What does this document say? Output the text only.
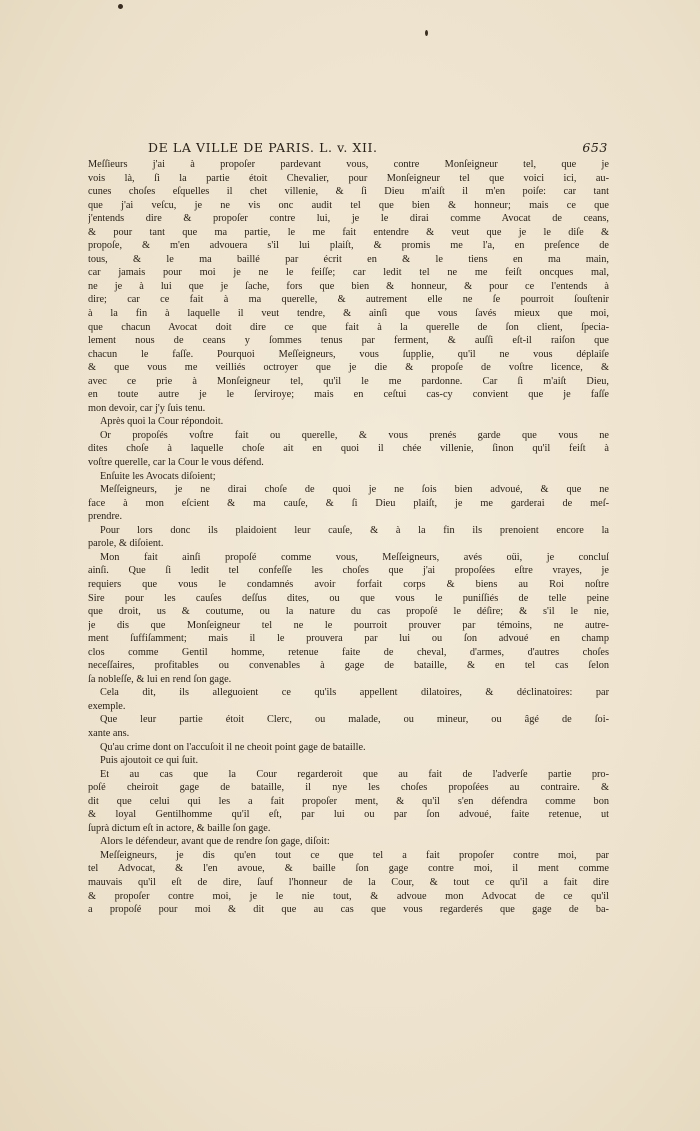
DE LA VILLE DE PARIS. L. v. XII.	653
Meſſieurs j'ai à propoſer pardevant vous, contre Monſeigneur tel, que je
vois là, ſi la partie étoit Chevalier, pour Monſeigneur tel que voici ici, au-
cunes choſes eſquelles il chet villenie, & ſi Dieu m'aiſt il m'en poiſe: car tant
que j'ai veſcu, je ne vis onc audit tel que bien & honneur; mais ce que
j'entends dire & propoſer contre lui, je le dirai comme Avocat de ceans,
& pour tant que ma partie, le me fait entendre & veut que je le diſe &
propoſe, & m'en advouera s'il lui plaiſt, & promis me l'a, en preſence de
tous, & le ma baillé par écrit en & le tiens en ma main,
car jamais pour moi je ne le feiſſe; car ledit tel ne me feiſt oncques mal,
ne je à lui que je ſache, fors que bien & honneur, & pour ce l'entends à
dire; car ce fait à ma querelle, & autrement elle ne ſe pourroit ſouſtenir
à la fin à laquelle il veut tendre, & ainſi que vous ſavés mieux que moi,
que chacun Avocat doit dire ce que fait à la querelle de ſon client, ſpecia-
lement nous de ceans y ſommes tenus par ferment, & auſſi eſt-il raiſon que
chacun le faſſe. Pourquoi Meſſeigneurs, vous ſupplie, qu'il ne vous déplaiſe
& que vous me veilliés octroyer que je die & propoſe de voſtre licence, &
avec ce prie à Monſeigneur tel, qu'il le me pardonne. Car ſi m'aiſt Dieu,
en toute autre je le ſerviroye; mais en ceſtui cas-cy convient que je faſſe
mon devoir, car j'y ſuis tenu.
Après quoi la Cour répondoit.
Or propoſés voſtre fait ou querelle, & vous prenés garde que vous ne
dites choſe à laquelle choſe ait en quoi il chée villenie, ſinon qu'il feiſt à
voſtre querelle, car la Cour le vous défend.
Enſuite les Avocats diſoient;
Meſſeigneurs, je ne dirai choſe de quoi je ne ſois bien advoué, & que ne
face à mon eſcient & ma cauſe, & ſi Dieu plaiſt, je me garderai de meſ-
prendre.
Pour lors donc ils plaidoient leur cauſe, & à la fin ils prenoient encore la
parole, & diſoient.
Mon fait ainſi propoſé comme vous, Meſſeigneurs, avés oüi, je concluſ
ainſi. Que ſi ledit tel confeſſe les choſes que j'ai propoſées eſtre vrayes, je
requiers que vous le condamnés avoir forfait corps & biens au Roi noſtre
Sire pour les cauſes deſſus dites, ou que vous le puniſſiés de telle peine
que droit, us & coutume, ou la nature du cas propoſé le déſire; & s'il le nie,
je dis que Monſeigneur tel ne le pourroit prouver par témoins, ne autre-
ment ſuffiſamment; mais il le prouvera par lui ou ſon advoué en champ
clos comme Gentil homme, retenue faite de cheval, d'armes, d'autres choſes
neceſſaires, profitables ou convenables à gage de bataille, & en tel cas ſelon
ſa nobleſſe, & lui en rend ſon gage.
Cela dit, ils alleguoient ce qu'ils appellent dilatoires, & déclinatoires: par
exemple.
Que leur partie étoit Clerc, ou malade, ou mineur, ou âgé de ſoi-
xante ans.
Qu'au crime dont on l'accuſoit il ne cheoit point gage de bataille.
Puis ajoutoit ce qui ſuit.
Et au cas que la Cour regarderoit que au fait de l'adverſe partie pro-
poſé cheiroit gage de bataille, il nye les choſes propoſées au contraire. &
dit que celui qui les a fait propoſer ment, & qu'il s'en défendra comme bon
& loyal Gentilhomme qu'il eſt, par lui ou par ſon advoué, faite retenue, ut
ſuprà dictum eſt in actore, & baille ſon gage.
Alors le défendeur, avant que de rendre ſon gage, diſoit:
Meſſeigneurs, je dis qu'en tout ce que tel a fait propoſer contre moi, par
tel Advocat, & l'en avoue, & baille ſon gage contre moi, il ment comme
mauvais qu'il eſt de dire, ſauf l'honneur de la Cour, & tout ce qu'il a fait dire
& propoſer contre moi, je le nie tout, & advoue mon Advocat de ce qu'il
a propoſé pour moi & dit que au cas que vous regarderés que gage de ba-
